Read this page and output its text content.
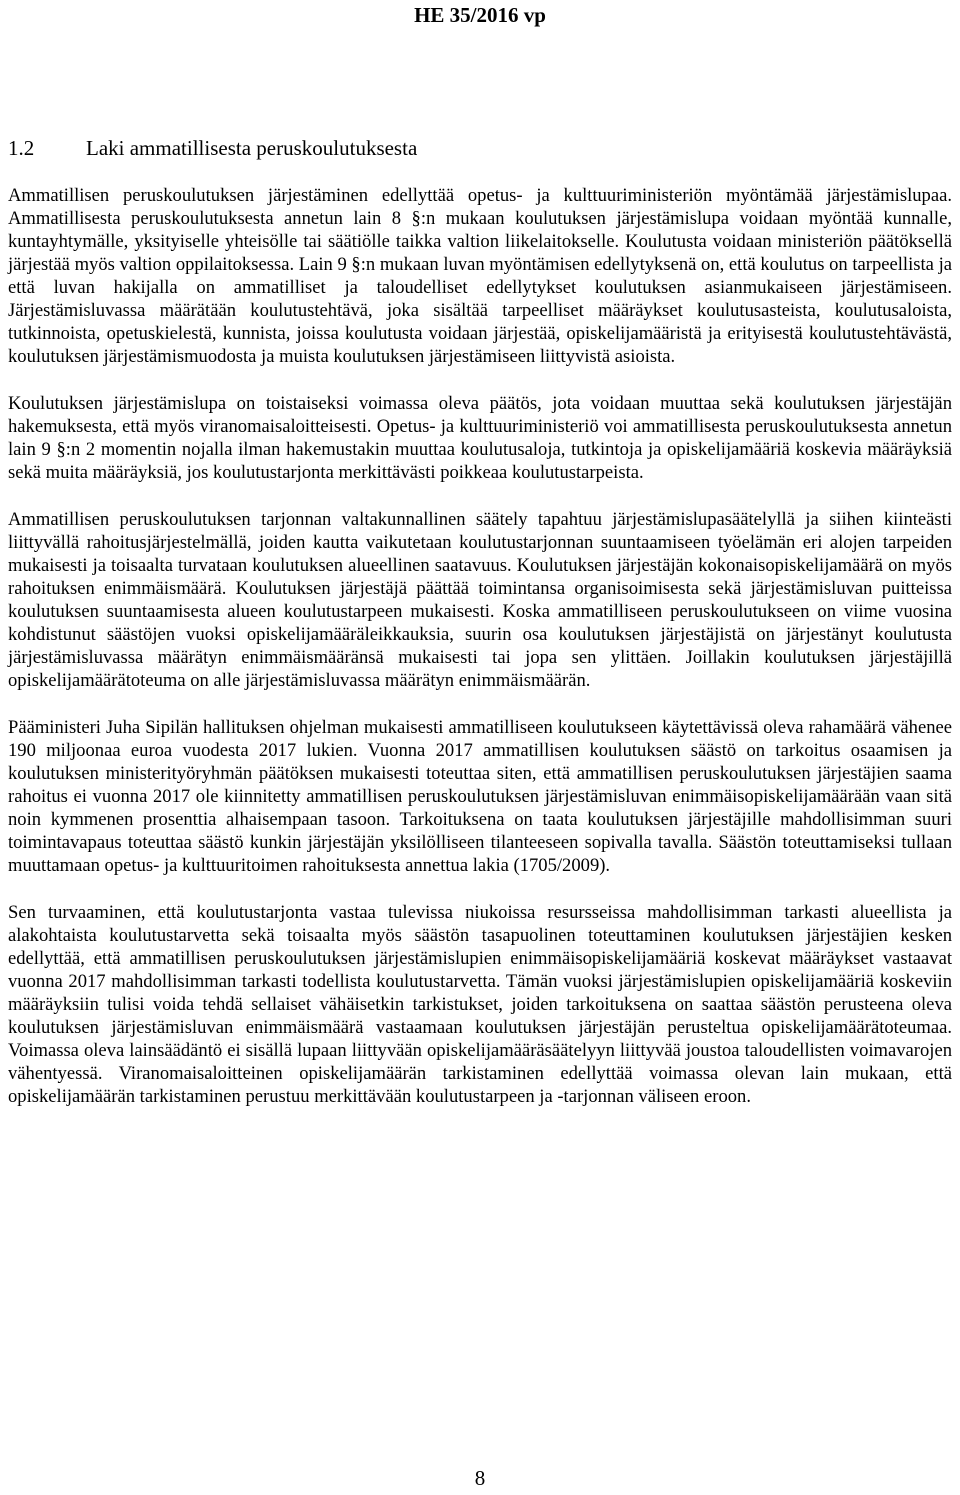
HE 35/2016 vp
1.2 Laki ammatillisesta peruskoulutuksesta

Ammatillisen peruskoulutuksen järjestäminen edellyttää opetus- ja kulttuuriministeriön myöntämää järjestämislupaa. Ammatillisesta peruskoulutuksesta annetun lain 8 §:n mukaan koulutuksen järjestämislupa voidaan myöntää kunnalle, kuntayhtymälle, yksityiselle yhteisölle tai säätiölle taikka valtion liikelaitokselle. Koulutusta voidaan ministeriön päätöksellä järjestää myös valtion oppilaitoksessa. Lain 9 §:n mukaan luvan myöntämisen edellytyksenä on, että koulutus on tarpeellista ja että luvan hakijalla on ammatilliset ja taloudelliset edellytykset koulutuksen asianmukaiseen järjestämiseen. Järjestämisluvassa määrätään koulutustehtävä, joka sisältää tarpeelliset määräykset koulutusasteista, koulutusaloista, tutkinnoista, opetuskielestä, kunnista, joissa koulutusta voidaan järjestää, opiskelijamääristä ja erityisestä koulutustehtävästä, koulutuksen järjestämismuodosta ja muista koulutuksen järjestämiseen liittyvistä asioista.

Koulutuksen järjestämislupa on toistaiseksi voimassa oleva päätös, jota voidaan muuttaa sekä koulutuksen järjestäjän hakemuksesta, että myös viranomaisaloitteisesti. Opetus- ja kulttuuriministeriö voi ammatillisesta peruskoulutuksesta annetun lain 9 §:n 2 momentin nojalla ilman hakemustakin muuttaa koulutusaloja, tutkintoja ja opiskelijamääriä koskevia määräyksiä sekä muita määräyksiä, jos koulutustarjonta merkittävästi poikkeaa koulutustarpeista.

Ammatillisen peruskoulutuksen tarjonnan valtakunnallinen säätely tapahtuu järjestämislupasäätelyllä ja siihen kiinteästi liittyvällä rahoitusjärjestelmällä, joiden kautta vaikutetaan koulutustarjonnan suuntaamiseen työelämän eri alojen tarpeiden mukaisesti ja toisaalta turvataan koulutuksen alueellinen saatavuus. Koulutuksen järjestäjän kokonaisopiskelijamäärä on myös rahoituksen enimmäismäärä. Koulutuksen järjestäjä päättää toimintansa organisoimisesta sekä järjestämisluvan puitteissa koulutuksen suuntaamisesta alueen koulutustarpeen mukaisesti. Koska ammatilliseen peruskoulutukseen on viime vuosina kohdistunut säästöjen vuoksi opiskelijamääräleikkauksia, suurin osa koulutuksen järjestäjistä on järjestänyt koulutusta järjestämisluvassa määrätyn enimmäismääränsä mukaisesti tai jopa sen ylittäen. Joillakin koulutuksen järjestäjillä opiskelijamäärätoteuma on alle järjestämisluvassa määrätyn enimmäismäärän.

Pääministeri Juha Sipilän hallituksen ohjelman mukaisesti ammatilliseen koulutukseen käytettävissä oleva rahamäärä vähenee 190 miljoonaa euroa vuodesta 2017 lukien. Vuonna 2017 ammatillisen koulutuksen säästö on tarkoitus osaamisen ja koulutuksen ministerityöryhmän päätöksen mukaisesti toteuttaa siten, että ammatillisen peruskoulutuksen järjestäjien saama rahoitus ei vuonna 2017 ole kiinnitetty ammatillisen peruskoulutuksen järjestämisluvan enimmäisopiskelijamäärään vaan sitä noin kymmenen prosenttia alhaisempaan tasoon. Tarkoituksena on taata koulutuksen järjestäjille mahdollisimman suuri toimintavapaus toteuttaa säästö kunkin järjestäjän yksilölliseen tilanteeseen sopivalla tavalla. Säästön toteuttamiseksi tullaan muuttamaan opetus- ja kulttuuritoimen rahoituksesta annettua lakia (1705/2009).

Sen turvaaminen, että koulutustarjonta vastaa tulevissa niukoissa resursseissa mahdollisimman tarkasti alueellista ja alakohtaista koulutustarvetta sekä toisaalta myös säästön tasapuolinen toteuttaminen koulutuksen järjestäjien kesken edellyttää, että ammatillisen peruskoulutuksen järjestämislupien enimmäisopiskelijamääriä koskevat määräykset vastaavat vuonna 2017 mahdollisimman tarkasti todellista koulutustarvetta. Tämän vuoksi järjestämislupien opiskelijamääriä koskeviin määräyksiin tulisi voida tehdä sellaiset vähäisetkin tarkistukset, joiden tarkoituksena on saattaa säästön perusteena oleva koulutuksen järjestämisluvan enimmäismäärä vastaamaan koulutuksen järjestäjän perusteltua opiskelijamäärätoteumaa. Voimassa oleva lainsäädäntö ei sisällä lupaan liittyvään opiskelijamääräsäätelyyn liittyvää joustoa taloudellisten voimavarojen vähentyessä. Viranomaisaloitteinen opiskelijamäärän tarkistaminen edellyttää voimassa olevan lain mukaan, että opiskelijamäärän tarkistaminen perustuu merkittävään koulutustarpeen ja -tarjonnan väliseen eroon.

8
